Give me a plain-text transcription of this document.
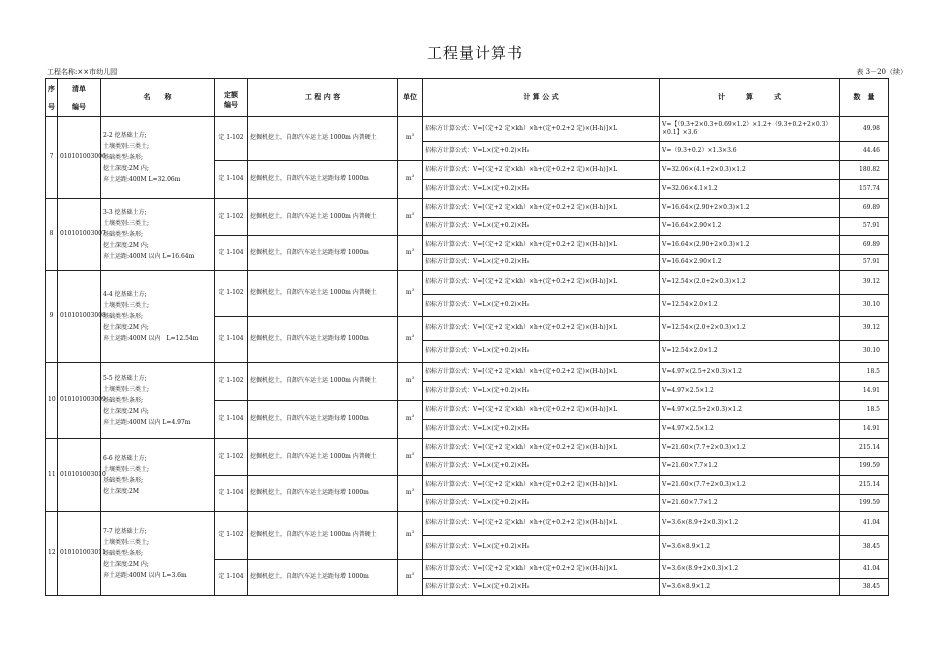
工程量计算书
工程名称:××市幼儿园	表 3－20（续）
序
号	清单
编号	名　　称	定额
编号	工 程 内 容	单位	计 算 公 式	计　　　算　　　式	数　量
7	010101003006	2-2 挖基础土方;
土壤类别:三类土;
基础类型:条形;
挖土深度:2M 内;
弃土运距:400M L=32.06m	定 1-102	挖掘机挖土，自卸汽车运土运 1000m 内普硬土	$m^3$	招标方计算公式：V=[（定+2 定×kh）×h+(定+0.2+2 定)×(H-h)]×L	V=【（9.3+2×0.3+0.69×1.2）×1.2+（9.3+0.2+2×0.3）×0.1】×3.6	49.98
						招标方计算公式：V=L×(定+0.2)×H₀	V=（9.3+0.2）×1.3×3.6	44.46
			定 1-104	挖掘机挖土，自卸汽车运土运距每增 1000m	$m^3$	招标方计算公式：V=[（定+2 定×kh）×h+(定+0.2+2 定)×(H-h)]×L	V=32.06×(4.1+2×0.3)×1.2	180.82
						招标方计算公式：V=L×(定+0.2)×H₀	V=32.06×4.1×1.2	157.74
8	010101003007	3-3 挖基础土方;
土壤类别:三类土;
基础类型:条形;
挖土深度:2M 内;
弃土运距:400M 以内 L=16.64m	定 1-102	挖掘机挖土，自卸汽车运土运 1000m 内普硬土	$m^3$	招标方计算公式：V=[（定+2 定×kh）×h+(定+0.2+2 定)×(H-h)]×L	V=16.64×(2.90+2×0.3)×1.2	69.89
						招标方计算公式：V=L×(定+0.2)×H₀	V=16.64×2.90×1.2	57.91
			定 1-104	挖掘机挖土，自卸汽车运土运距每增 1000m	$m^3$	招标方计算公式：V=[（定+2 定×kh）×h+(定+0.2+2 定)×(H-h)]×L	V=16.64×(2.90+2×0.3)×1.2	69.89
						招标方计算公式：V=L×(定+0.2)×H₀	V=16.64×2.90×1.2	57.91
9	010101003008	4-4 挖基础土方;
土壤类别:三类土;
基础类型:条形;
挖土深度:2M 内;
弃土运距:400M 以内　L=12.54m	定 1-102	挖掘机挖土，自卸汽车运土运 1000m 内普硬土	$m^3$	招标方计算公式：V=[（定+2 定×kh）×h+(定+0.2+2 定)×(H-h)]×L	V=12.54×(2.0+2×0.3)×1.2	39.12
						招标方计算公式：V=L×(定+0.2)×H₀	V=12.54×2.0×1.2	30.10
			定 1-104	挖掘机挖土，自卸汽车运土运距每增 1000m	$m^3$	招标方计算公式：V=[（定+2 定×kh）×h+(定+0.2+2 定)×(H-h)]×L	V=12.54×(2.0+2×0.3)×1.2	39.12
						招标方计算公式：V=L×(定+0.2)×H₀	V=12.54×2.0×1.2	30.10
10	010101003009	5-5 挖基础土方;
土壤类别:三类土;
基础类型:条形;
挖土深度:2M 内;
弃土运距:400M 以内 L=4.97m	定 1-102	挖掘机挖土，自卸汽车运土运 1000m 内普硬土	$m^3$	招标方计算公式：V=[（定+2 定×kh）×h+(定+0.2+2 定)×(H-h)]×L	V=4.97×(2.5+2×0.3)×1.2	18.5
						招标方计算公式：V=L×(定+0.2)×H₀	V=4.97×2.5×1.2	14.91
			定 1-104	挖掘机挖土，自卸汽车运土运距每增 1000m	$m^3$	招标方计算公式：V=[（定+2 定×kh）×h+(定+0.2+2 定)×(H-h)]×L	V=4.97×(2.5+2×0.3)×1.2	18.5
						招标方计算公式：V=L×(定+0.2)×H₀	V=4.97×2.5×1.2	14.91
11	010101003010	6-6 挖基础土方;
土壤类别:三类土;
基础类型:条形;
挖土深度:2M	定 1-102	挖掘机挖土，自卸汽车运土运 1000m 内普硬土	$m^3$	招标方计算公式：V=[（定+2 定×kh）×h+(定+0.2+2 定)×(H-h)]×L	V=21.60×(7.7+2×0.3)×1.2	215.14
						招标方计算公式：V=L×(定+0.2)×H₀	V=21.60×7.7×1.2	199.59
			定 1-104	挖掘机挖土，自卸汽车运土运距每增 1000m	$m^3$	招标方计算公式：V=[（定+2 定×kh）×h+(定+0.2+2 定)×(H-h)]×L	V=21.60×(7.7+2×0.3)×1.2	215.14
						招标方计算公式：V=L×(定+0.2)×H₀	V=21.60×7.7×1.2	199.59
12	010101003011	7-7 挖基础土方;
土壤类别:三类土;
基础类型:条形;
挖土深度:2M 内;
弃土运距:400M 以内 L=3.6m	定 1-102	挖掘机挖土，自卸汽车运土运 1000m 内普硬土	$m^3$	招标方计算公式：V=[（定+2 定×kh）×h+(定+0.2+2 定)×(H-h)]×L	V=3.6×(8.9+2×0.3)×1.2	41.04
						招标方计算公式：V=L×(定+0.2)×H₀	V=3.6×8.9×1.2	38.45
			定 1-104	挖掘机挖土，自卸汽车运土运距每增 1000m	$m^3$	招标方计算公式：V=[（定+2 定×kh）×h+(定+0.2+2 定)×(H-h)]×L	V=3.6×(8.9+2×0.3)×1.2	41.04
						招标方计算公式：V=L×(定+0.2)×H₀	V=3.6×8.9×1.2	38.45
